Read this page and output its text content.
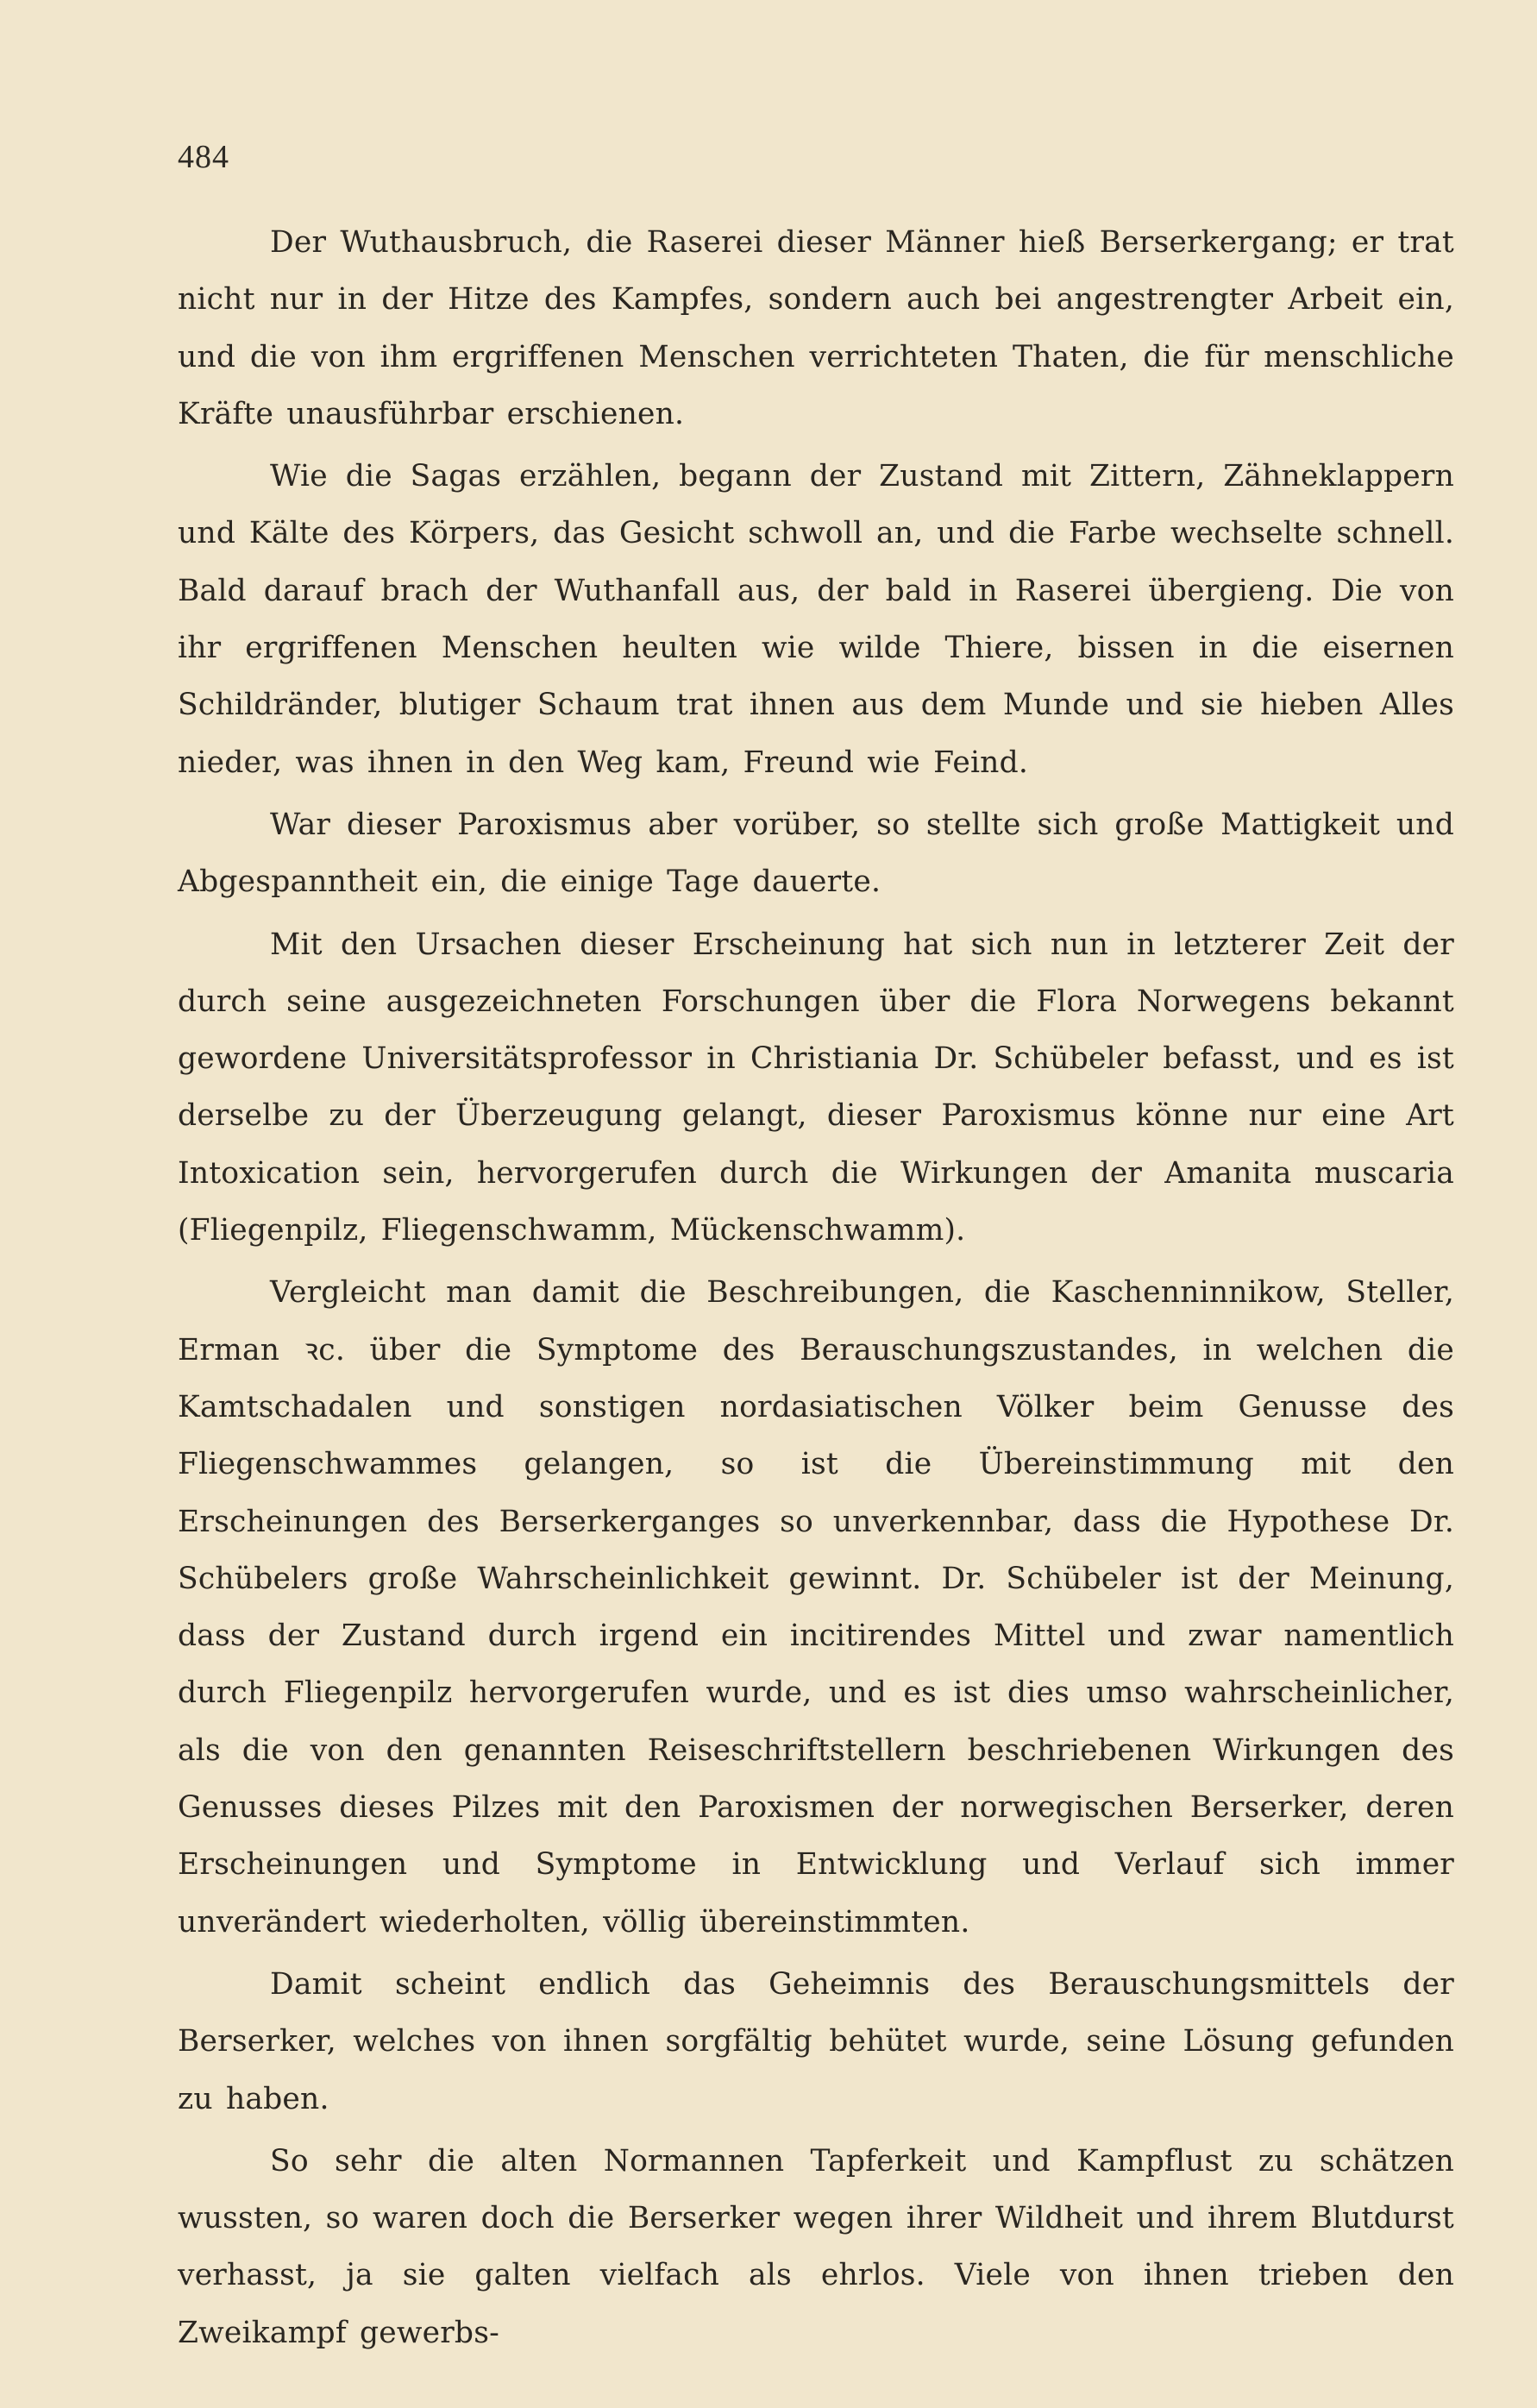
484

Der Wuthausbruch, die Raserei dieser Männer hieß Berserkergang; er trat nicht nur in der Hitze des Kampfes, sondern auch bei angestrengter Arbeit ein, und die von ihm ergriffenen Menschen verrichteten Thaten, die für menschliche Kräfte unausführbar erschienen.

Wie die Sagas erzählen, begann der Zustand mit Zittern, Zähneklappern und Kälte des Körpers, das Gesicht schwoll an, und die Farbe wechselte schnell. Bald darauf brach der Wuthanfall aus, der bald in Raserei übergieng. Die von ihr ergriffenen Menschen heulten wie wilde Thiere, bissen in die eisernen Schildränder, blutiger Schaum trat ihnen aus dem Munde und sie hieben Alles nieder, was ihnen in den Weg kam, Freund wie Feind.

War dieser Paroxismus aber vorüber, so stellte sich große Mattigkeit und Abgespanntheit ein, die einige Tage dauerte.

Mit den Ursachen dieser Erscheinung hat sich nun in letzterer Zeit der durch seine ausgezeichneten Forschungen über die Flora Norwegens bekannt gewordene Universitätsprofessor in Christiania Dr. Schübeler befasst, und es ist derselbe zu der Überzeugung gelangt, dieser Paroxismus könne nur eine Art Intoxication sein, hervorgerufen durch die Wirkungen der Amanita muscaria (Fliegenpilz, Fliegenschwamm, Mückenschwamm).

Vergleicht man damit die Beschreibungen, die Kaschenninnikow, Steller, Erman ꝛc. über die Symptome des Berauschungszustandes, in welchen die Kamtschadalen und sonstigen nordasiatischen Völker beim Genusse des Fliegenschwammes gelangen, so ist die Übereinstimmung mit den Erscheinungen des Berserkerganges so unverkennbar, dass die Hypothese Dr. Schübelers große Wahrscheinlichkeit gewinnt. Dr. Schübeler ist der Meinung, dass der Zustand durch irgend ein incitirendes Mittel und zwar namentlich durch Fliegenpilz hervorgerufen wurde, und es ist dies umso wahrscheinlicher, als die von den genannten Reiseschriftstellern beschriebenen Wirkungen des Genusses dieses Pilzes mit den Paroxismen der norwegischen Berserker, deren Erscheinungen und Symptome in Entwicklung und Verlauf sich immer unverändert wiederholten, völlig übereinstimmten.

Damit scheint endlich das Geheimnis des Berauschungsmittels der Berserker, welches von ihnen sorgfältig behütet wurde, seine Lösung gefunden zu haben.

So sehr die alten Normannen Tapferkeit und Kampflust zu schätzen wussten, so waren doch die Berserker wegen ihrer Wildheit und ihrem Blutdurst verhasst, ja sie galten vielfach als ehrlos. Viele von ihnen trieben den Zweikampf gewerbs-
